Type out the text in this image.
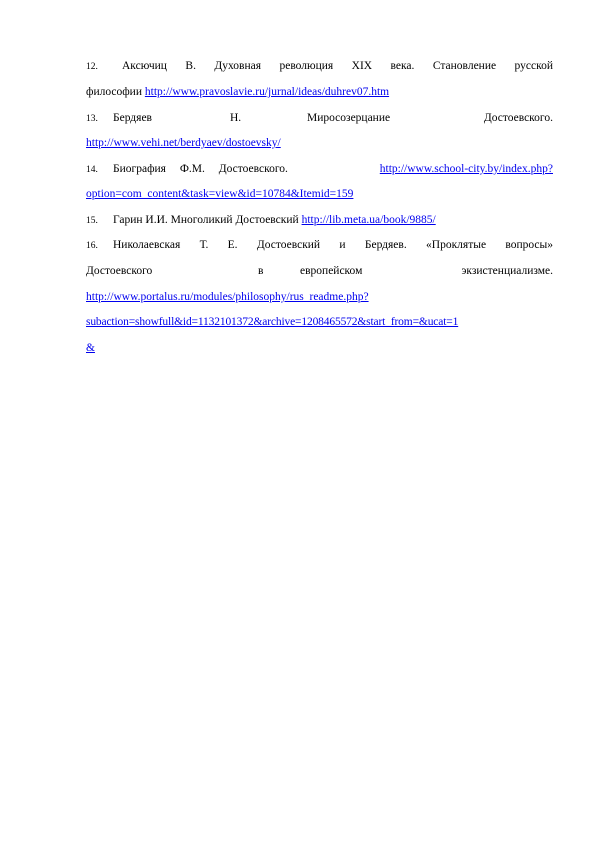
12. Аксючиц В. Духовная революция XIX века. Становление русской
философии http://www.pravoslavie.ru/jurnal/ideas/duhrev07.htm
13. Бердяев	Н.	Миросозерцание	Достоевского.
http://www.vehi.net/berdyaev/dostoevsky/
14. Биография Ф.М. Достоевского.	http://www.school-city.by/index.php?
option=com_content&task=view&id=10784&Itemid=159
15. Гарин И.И. Многоликий Достоевский http://lib.meta.ua/book/9885/
16. Николаевская Т. Е. Достоевский и Бердяев. «Проклятые вопросы»
Достоевского	в	европейском	экзистенциализме.
http://www.portalus.ru/modules/philosophy/rus_readme.php?
subaction=showfull&id=1132101372&archive=1208465572&start_from=&ucat=1
&
